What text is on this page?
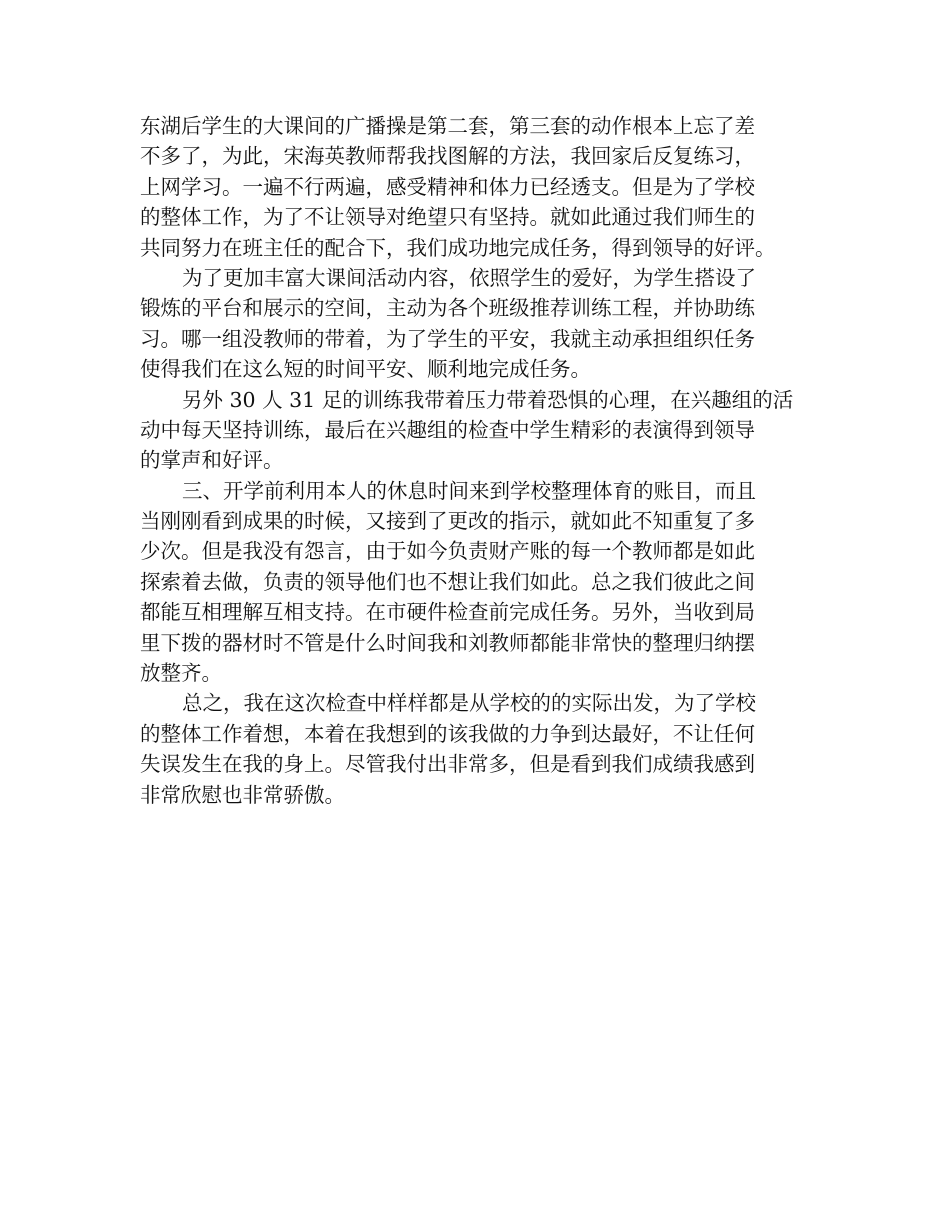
东湖后学生的大课间的广播操是第二套，第三套的动作根本上忘了差
不多了，为此，宋海英教师帮我找图解的方法，我回家后反复练习，
上网学习。一遍不行两遍，感受精神和体力已经透支。但是为了学校
的整体工作，为了不让领导对绝望只有坚持。就如此通过我们师生的
共同努力在班主任的配合下，我们成功地完成任务，得到领导的好评。
为了更加丰富大课间活动内容，依照学生的爱好，为学生搭设了
锻炼的平台和展示的空间，主动为各个班级推荐训练工程，并协助练
习。哪一组没教师的带着，为了学生的平安，我就主动承担组织任务
使得我们在这么短的时间平安、顺利地完成任务。
另外 30 人 31 足的训练我带着压力带着恐惧的心理，在兴趣组的活
动中每天坚持训练，最后在兴趣组的检查中学生精彩的表演得到领导
的掌声和好评。
三、开学前利用本人的休息时间来到学校整理体育的账目，而且
当刚刚看到成果的时候，又接到了更改的指示，就如此不知重复了多
少次。但是我没有怨言，由于如今负责财产账的每一个教师都是如此
探索着去做，负责的领导他们也不想让我们如此。总之我们彼此之间
都能互相理解互相支持。在市硬件检查前完成任务。另外，当收到局
里下拨的器材时不管是什么时间我和刘教师都能非常快的整理归纳摆
放整齐。
总之，我在这次检查中样样都是从学校的的实际出发，为了学校
的整体工作着想，本着在我想到的该我做的力争到达最好，不让任何
失误发生在我的身上。尽管我付出非常多，但是看到我们成绩我感到
非常欣慰也非常骄傲。
